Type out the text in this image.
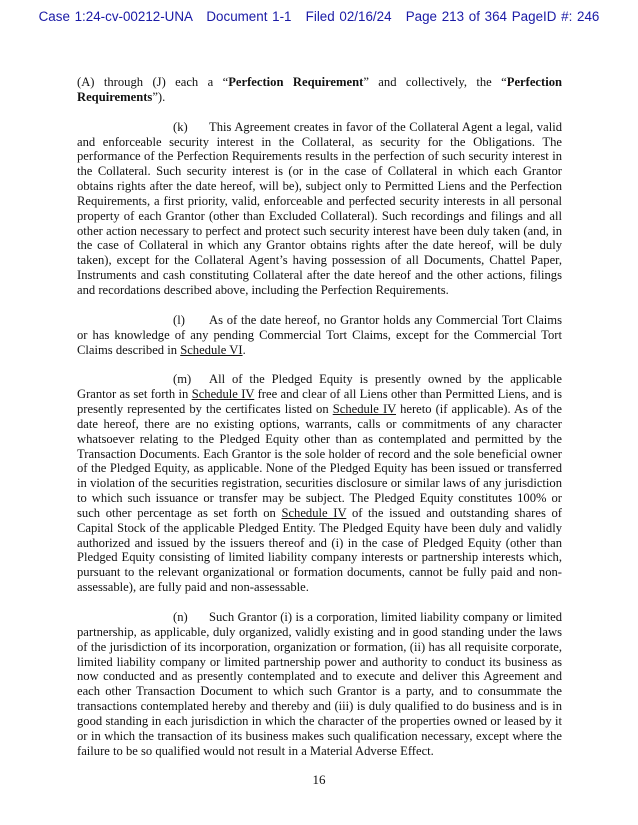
Case 1:24-cv-00212-UNA Document 1-1 Filed 02/16/24 Page 213 of 364 PageID #: 246

(A) through (J) each a “Perfection Requirement” and collectively, the “Perfection Requirements”).

(k) This Agreement creates in favor of the Collateral Agent a legal, valid and enforceable security interest in the Collateral, as security for the Obligations. The performance of the Perfection Requirements results in the perfection of such security interest in the Collateral. Such security interest is (or in the case of Collateral in which each Grantor obtains rights after the date hereof, will be), subject only to Permitted Liens and the Perfection Requirements, a first priority, valid, enforceable and perfected security interests in all personal property of each Grantor (other than Excluded Collateral). Such recordings and filings and all other action necessary to perfect and protect such security interest have been duly taken (and, in the case of Collateral in which any Grantor obtains rights after the date hereof, will be duly taken), except for the Collateral Agent’s having possession of all Documents, Chattel Paper, Instruments and cash constituting Collateral after the date hereof and the other actions, filings and recordations described above, including the Perfection Requirements.

(l) As of the date hereof, no Grantor holds any Commercial Tort Claims or has knowledge of any pending Commercial Tort Claims, except for the Commercial Tort Claims described in Schedule VI.

(m) All of the Pledged Equity is presently owned by the applicable Grantor as set forth in Schedule IV free and clear of all Liens other than Permitted Liens, and is presently represented by the certificates listed on Schedule IV hereto (if applicable). As of the date hereof, there are no existing options, warrants, calls or commitments of any character whatsoever relating to the Pledged Equity other than as contemplated and permitted by the Transaction Documents. Each Grantor is the sole holder of record and the sole beneficial owner of the Pledged Equity, as applicable. None of the Pledged Equity has been issued or transferred in violation of the securities registration, securities disclosure or similar laws of any jurisdiction to which such issuance or transfer may be subject. The Pledged Equity constitutes 100% or such other percentage as set forth on Schedule IV of the issued and outstanding shares of Capital Stock of the applicable Pledged Entity. The Pledged Equity have been duly and validly authorized and issued by the issuers thereof and (i) in the case of Pledged Equity (other than Pledged Equity consisting of limited liability company interests or partnership interests which, pursuant to the relevant organizational or formation documents, cannot be fully paid and non-assessable), are fully paid and non-assessable.

(n) Such Grantor (i) is a corporation, limited liability company or limited partnership, as applicable, duly organized, validly existing and in good standing under the laws of the jurisdiction of its incorporation, organization or formation, (ii) has all requisite corporate, limited liability company or limited partnership power and authority to conduct its business as now conducted and as presently contemplated and to execute and deliver this Agreement and each other Transaction Document to which such Grantor is a party, and to consummate the transactions contemplated hereby and thereby and (iii) is duly qualified to do business and is in good standing in each jurisdiction in which the character of the properties owned or leased by it or in which the transaction of its business makes such qualification necessary, except where the failure to be so qualified would not result in a Material Adverse Effect.

16
